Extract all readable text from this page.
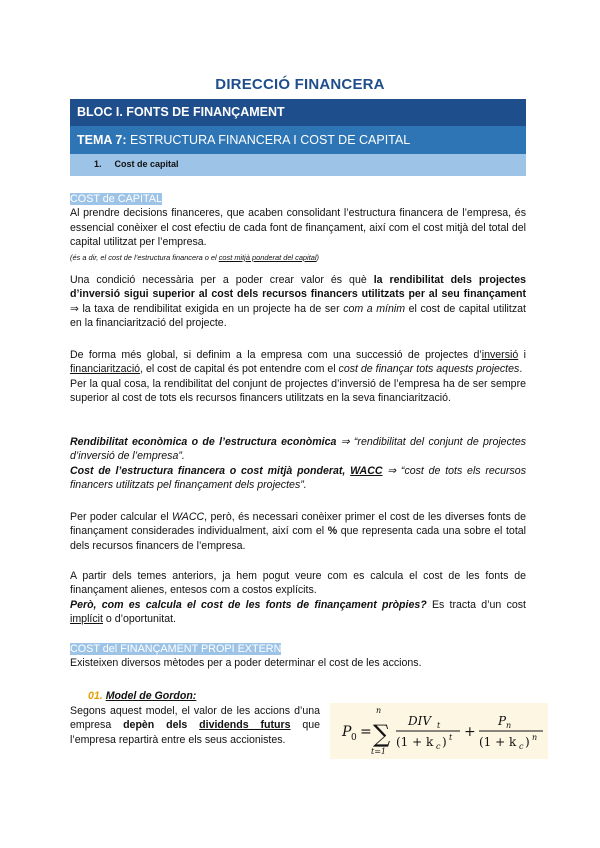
DIRECCIÓ FINANCERA
BLOC I. FONTS DE FINANÇAMENT
TEMA 7: ESTRUCTURA FINANCERA I COST DE CAPITAL
1. Cost de capital
COST de CAPITAL
Al prendre decisions financeres, que acaben consolidant l’estructura financera de l’empresa, és essencial conèixer el cost efectiu de cada font de finançament, així com el cost mitjà del total del capital utilitzat per l’empresa.
(és a dir, el cost de l’estructura financera o el cost mitjà ponderat del capital)
Una condició necessària per a poder crear valor és què la rendibilitat dels projectes d’inversió sigui superior al cost dels recursos financers utilitzats per al seu finançament ⇒ la taxa de rendibilitat exigida en un projecte ha de ser com a mínim el cost de capital utilitzat en la financiarització del projecte.
De forma més global, si definim a la empresa com una successió de projectes d’inversió i financiarització, el cost de capital és pot entendre com el cost de finançar tots aquests projectes.
Per la qual cosa, la rendibilitat del conjunt de projectes d’inversió de l’empresa ha de ser sempre superior al cost de tots els recursos financers utilitzats en la seva financiarització.
Rendibilitat econòmica o de l’estructura econòmica ⇒ “rendibilitat del conjunt de projectes d’inversió de l’empresa”.
Cost de l’estructura financera o cost mitjà ponderat, WACC ⇒ “cost de tots els recursos financers utilitzats pel finançament dels projectes”.
Per poder calcular el WACC, però, és necessari conèixer primer el cost de les diverses fonts de finançament considerades individualment, així com el % que representa cada una sobre el total dels recursos financers de l’empresa.
A partir dels temes anteriors, ja hem pogut veure com es calcula el cost de les fonts de finançament alienes, entesos com a costos explícits.
Però, com es calcula el cost de les fonts de finançament pròpies? Es tracta d’un cost implícit o d’oportunitat.
COST del FINANÇAMENT PROPI EXTERN
Existeixen diversos mètodes per a poder determinar el cost de les accions.
01. Model de Gordon:
Segons aquest model, el valor de les accions d’una empresa depèn dels dividends futurs que l’empresa repartirà entre els seus accionistes.	P 0 =
n
∑
t=1
DIV t
(1 + k c ) t +
P n
(1 + k c ) n
